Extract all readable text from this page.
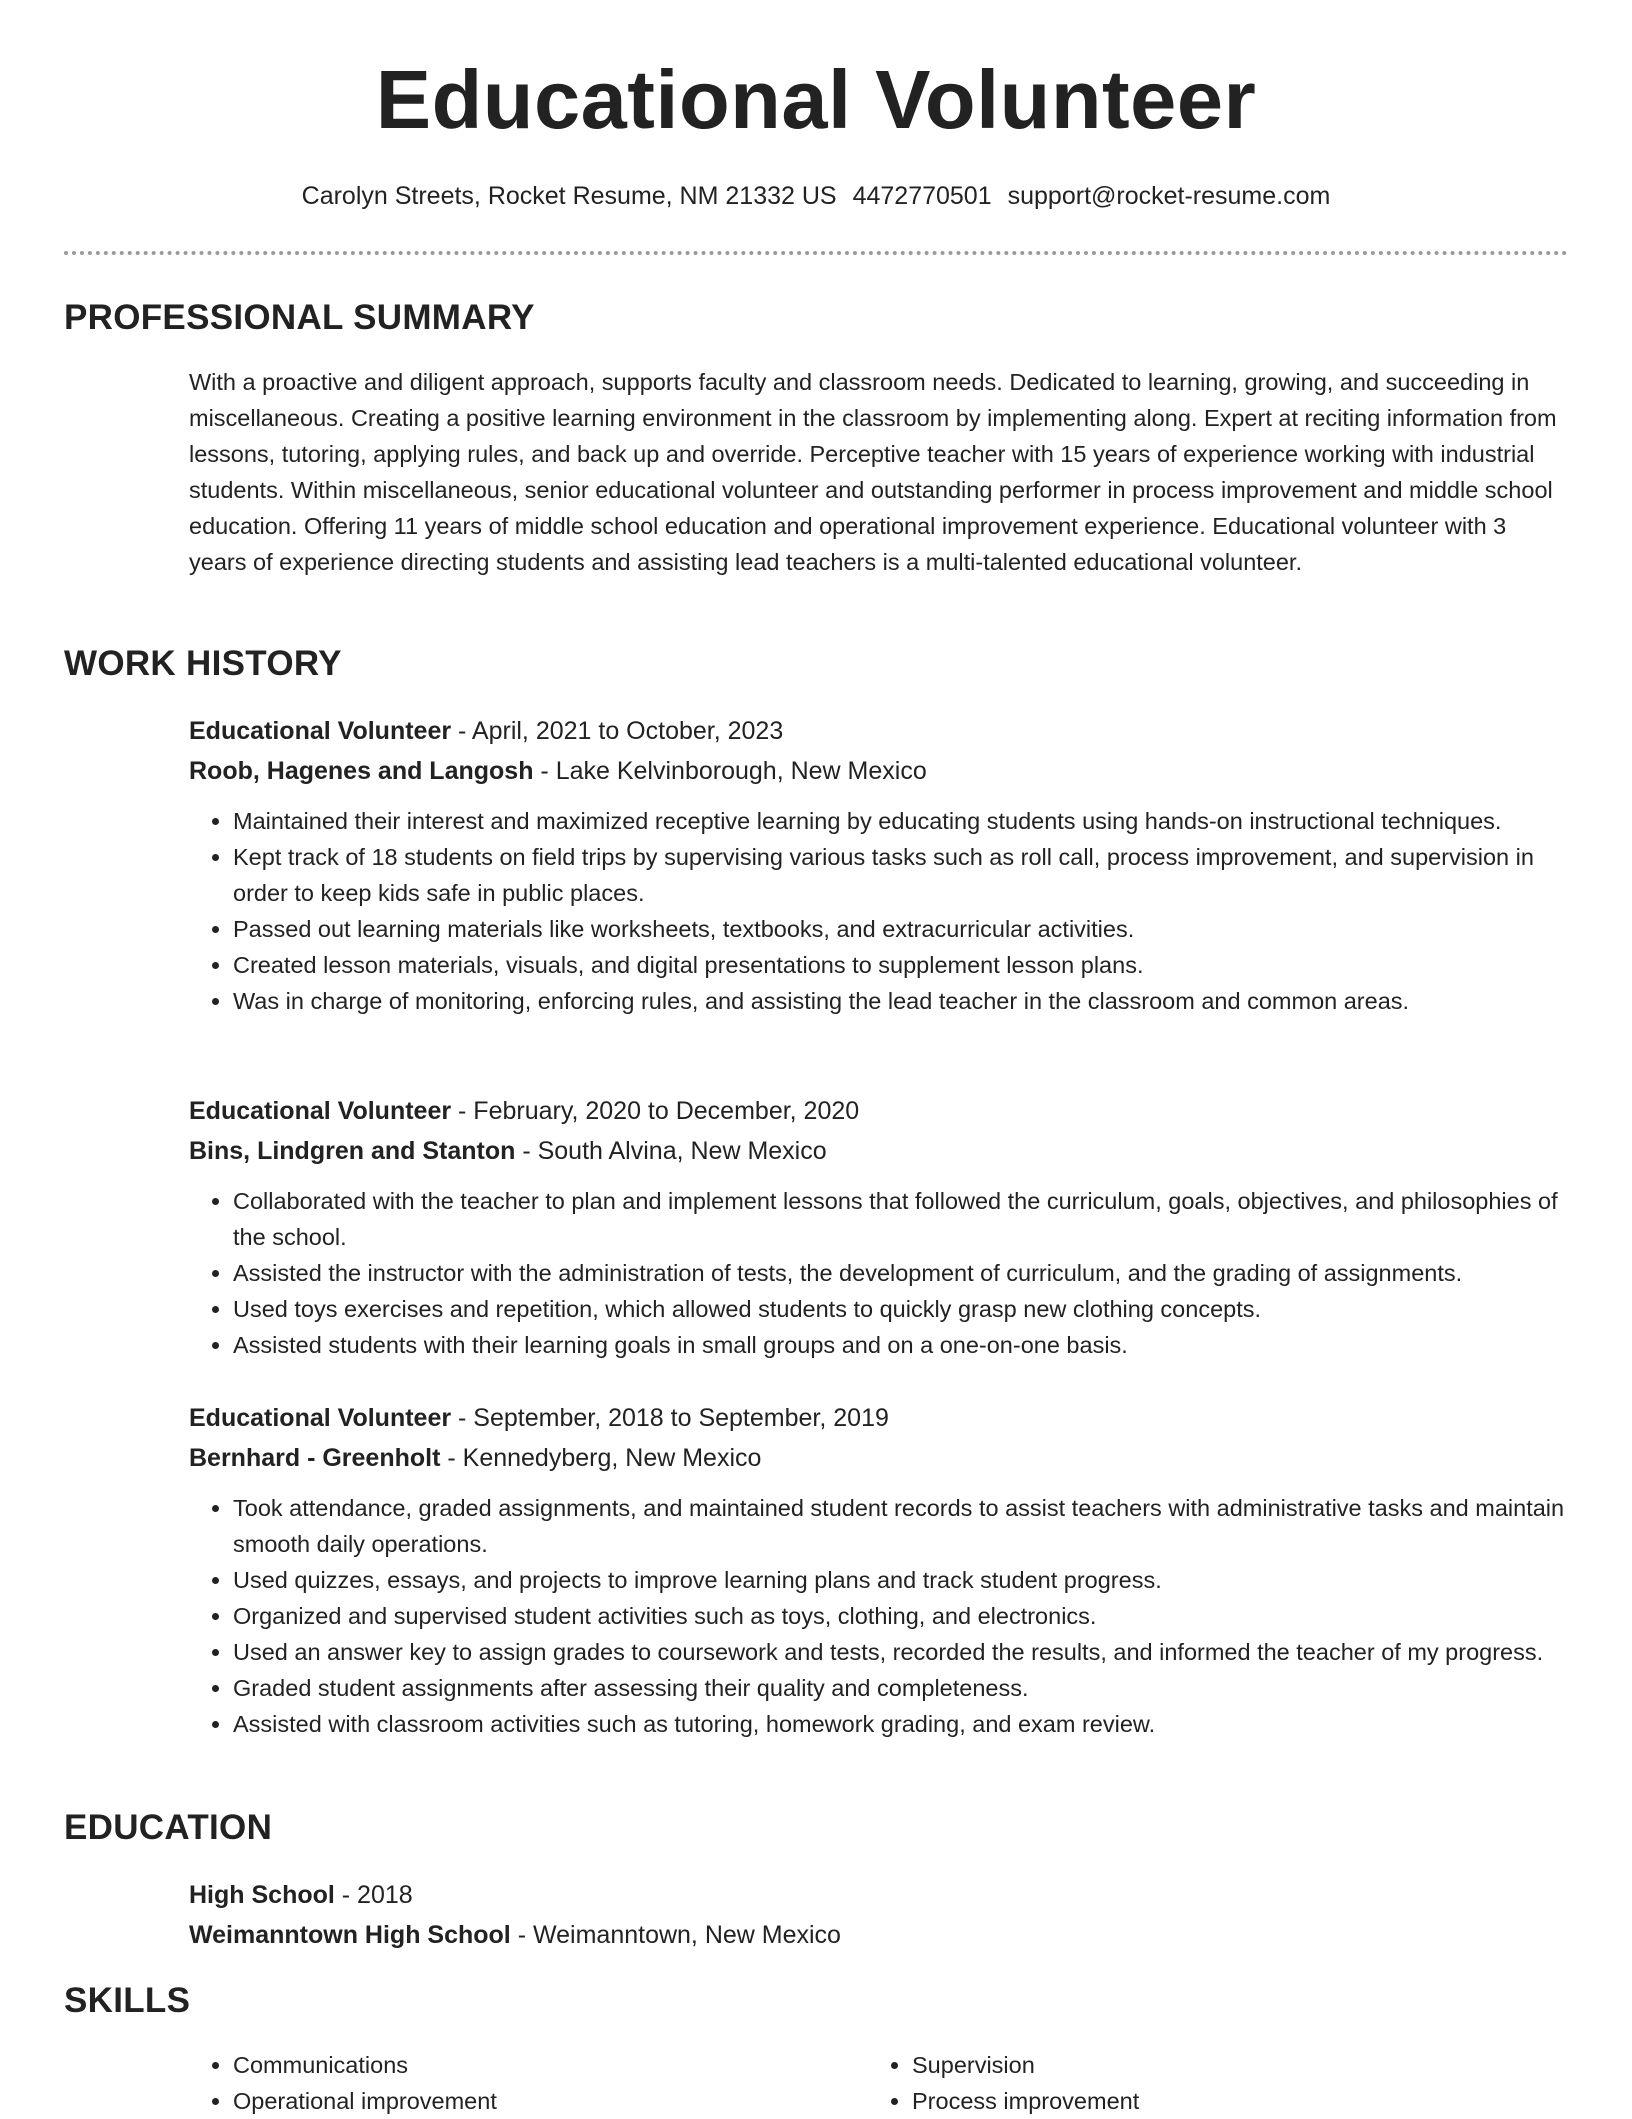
Educational Volunteer
Carolyn Streets, Rocket Resume, NM 21332 US 4472770501 support@rocket-resume.com
PROFESSIONAL SUMMARY

With a proactive and diligent approach, supports faculty and classroom needs. Dedicated to learning, growing, and succeeding in miscellaneous. Creating a positive learning environment in the classroom by implementing along. Expert at reciting information from lessons, tutoring, applying rules, and back up and override. Perceptive teacher with 15 years of experience working with industrial students. Within miscellaneous, senior educational volunteer and outstanding performer in process improvement and middle school education. Offering 11 years of middle school education and operational improvement experience. Educational volunteer with 3 years of experience directing students and assisting lead teachers is a multi-talented educational volunteer.

WORK HISTORY

Educational Volunteer - April, 2021 to October, 2023

Roob, Hagenes and Langosh - Lake Kelvinborough, New Mexico

• Maintained their interest and maximized receptive learning by educating students using hands-on instructional techniques.
• Kept track of 18 students on field trips by supervising various tasks such as roll call, process improvement, and supervision in order to keep kids safe in public places.
• Passed out learning materials like worksheets, textbooks, and extracurricular activities.
• Created lesson materials, visuals, and digital presentations to supplement lesson plans.
• Was in charge of monitoring, enforcing rules, and assisting the lead teacher in the classroom and common areas.

Educational Volunteer - February, 2020 to December, 2020

Bins, Lindgren and Stanton - South Alvina, New Mexico

• Collaborated with the teacher to plan and implement lessons that followed the curriculum, goals, objectives, and philosophies of the school.
• Assisted the instructor with the administration of tests, the development of curriculum, and the grading of assignments.
• Used toys exercises and repetition, which allowed students to quickly grasp new clothing concepts.
• Assisted students with their learning goals in small groups and on a one-on-one basis.

Educational Volunteer - September, 2018 to September, 2019

Bernhard - Greenholt - Kennedyberg, New Mexico

• Took attendance, graded assignments, and maintained student records to assist teachers with administrative tasks and maintain smooth daily operations.
• Used quizzes, essays, and projects to improve learning plans and track student progress.
• Organized and supervised student activities such as toys, clothing, and electronics.
• Used an answer key to assign grades to coursework and tests, recorded the results, and informed the teacher of my progress.
• Graded student assignments after assessing their quality and completeness.
• Assisted with classroom activities such as tutoring, homework grading, and exam review.
EDUCATION

High School - 2018

Weimanntown High School - Weimanntown, New Mexico

SKILLS
• Communications
• Operational improvement
• Supervision
• Process improvement
